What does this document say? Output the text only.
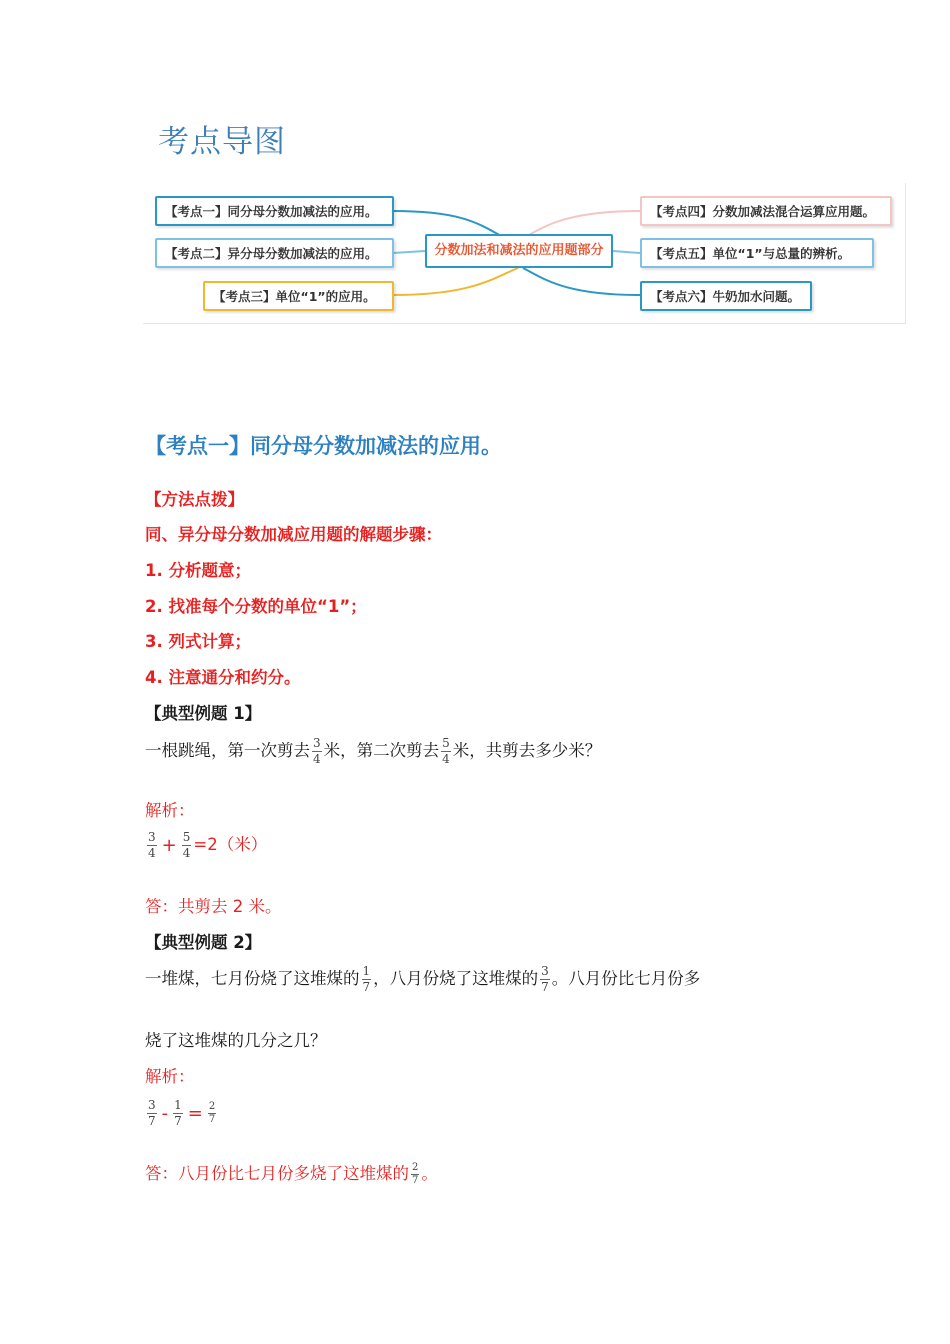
考点导图
【考点一】同分母分数加减法的应用。
【考点二】异分母分数加减法的应用。
【考点三】单位“1”的应用。
分数加法和减法的应用题部分
【考点四】分数加减法混合运算应用题。
【考点五】单位“1”与总量的辨析。
【考点六】牛奶加水问题。
【考点一】同分母分数加减法的应用。
【方法点拨】
同、异分母分数加减应用题的解题步骤：
1. 分析题意；
2. 找准每个分数的单位“1”；
3. 列式计算；
4. 注意通分和约分。
【典型例题 1】
一根跳绳，第一次剪去 $\frac{3}{4}$ 米，第二次剪去 $\frac{5}{4}$ 米，共剪去多少米？
解析：
$\frac{3}{4} + \frac{5}{4} =2$（米）
答：共剪去 2 米。
【典型例题 2】
一堆煤，七月份烧了这堆煤的 $\frac{1}{7}$ ，八月份烧了这堆煤的 $\frac{3}{7}$ 。八月份比七月份多
烧了这堆煤的几分之几？
解析：
$\frac{3}{7} - \frac{1}{7} = \frac{2}{7}$
答：八月份比七月份多烧了这堆煤的 $\frac{2}{7}$ 。
